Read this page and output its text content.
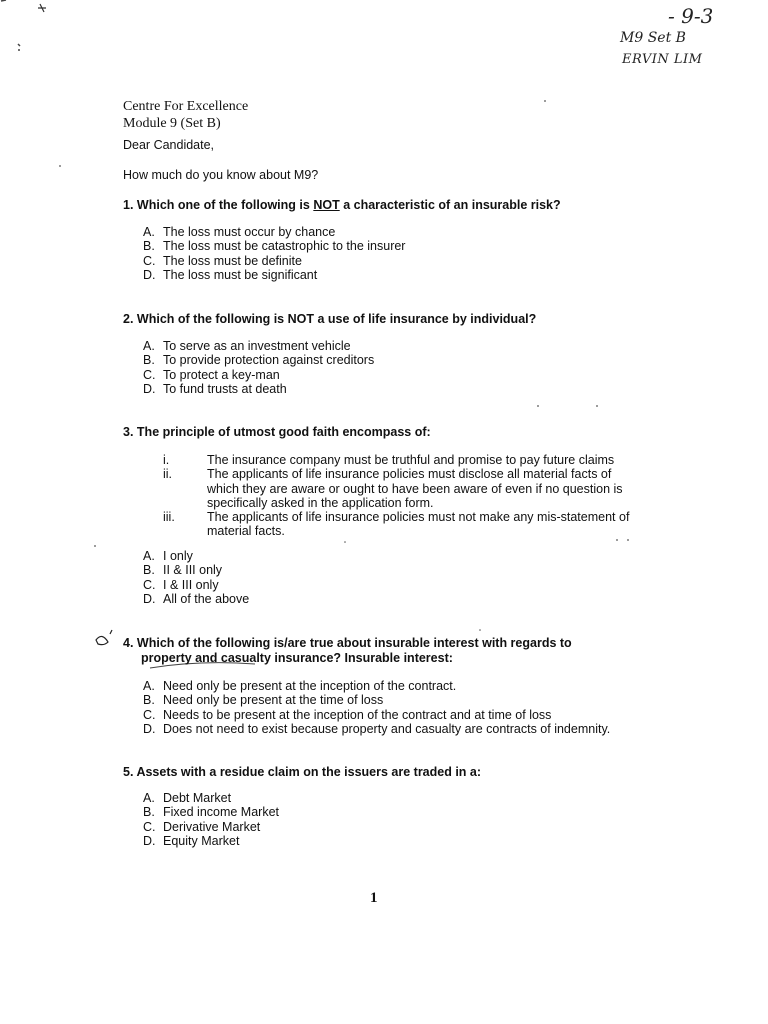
- 9-3
M9 Set B
ERVIN LIM
Centre For Excellence
Module 9 (Set B)
Dear Candidate,
How much do you know about M9?
1. Which one of the following is NOT a characteristic of an insurable risk?
A. The loss must occur by chance
B. The loss must be catastrophic to the insurer
C. The loss must be definite
D. The loss must be significant
2. Which of the following is NOT a use of life insurance by individual?
A. To serve as an investment vehicle
B. To provide protection against creditors
C. To protect a key-man
D. To fund trusts at death
3. The principle of utmost good faith encompass of:
i.	The insurance company must be truthful and promise to pay future claims
ii.	The applicants of life insurance policies must disclose all material facts of which they are aware or ought to have been aware of even if no question is specifically asked in the application form.
iii.	The applicants of life insurance policies must not make any mis-statement of material facts.
A. I only
B. II & III only
C. I & III only
D. All of the above
4. Which of the following is/are true about insurable interest with regards to
property and casualty insurance? Insurable interest:
A. Need only be present at the inception of the contract.
B. Need only be present at the time of loss
C. Needs to be present at the inception of the contract and at time of loss
D. Does not need to exist because property and casualty are contracts of indemnity.
5. Assets with a residue claim on the issuers are traded in a:
A. Debt Market
B. Fixed income Market
C. Derivative Market
D. Equity Market
1
